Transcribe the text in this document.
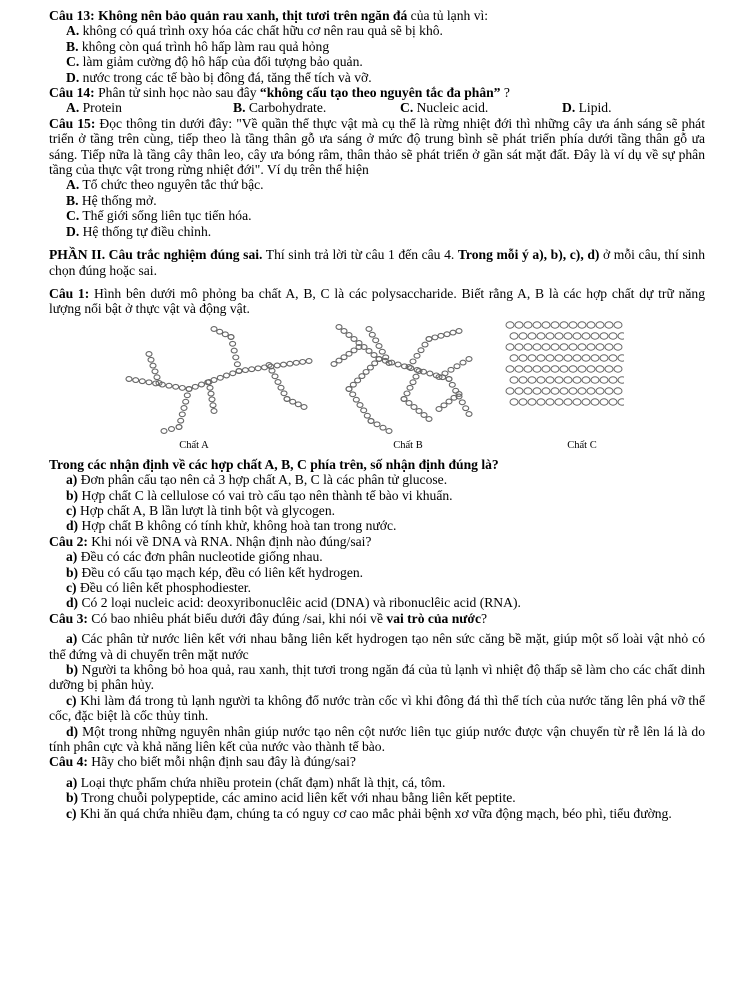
Câu 13: Không nên bảo quản rau xanh, thịt tươi trên ngăn đá của tủ lạnh vì:

A. không có quá trình oxy hóa các chất hữu cơ nên rau quả sẽ bị khô.

B. không còn quá trình hô hấp làm rau quả hỏng

C. làm giảm cường độ hô hấp của đối tượng bảo quản.

D. nước trong các tế bào bị đông đá, tăng thể tích và vỡ.

Câu 14: Phân tử sinh học nào sau đây “không cấu tạo theo nguyên tắc đa phân” ?

A. Protein	B. Carbohydrate.	C. Nucleic acid.	D. Lipid.

Câu 15: Đọc thông tin dưới đây: "Về quần thể thực vật mà cụ thể là rừng nhiệt đới thì những cây ưa ánh sáng sẽ phát triển ở tầng trên cùng, tiếp theo là tầng thân gỗ ưa sáng ở mức độ trung bình sẽ phát triển phía dưới tầng thân gỗ ưa sáng. Tiếp nữa là tầng cây thân leo, cây ưa bóng râm, thân thảo sẽ phát triển ở gần sát mặt đất. Đây là ví dụ về sự phân tầng của thực vật trong rừng nhiệt đới". Ví dụ trên thể hiện

A. Tổ chức theo nguyên tắc thứ bậc.

B. Hệ thống mở.

C. Thế giới sống liên tục tiến hóa.

D. Hệ thống tự điều chỉnh.

PHẦN II. Câu trắc nghiệm đúng sai. Thí sinh trả lời từ câu 1 đến câu 4. Trong mỗi ý a), b), c), d) ở mỗi câu, thí sinh chọn đúng hoặc sai.

Câu 1: Hình bên dưới mô phỏng ba chất A, B, C là các polysaccharide. Biết rằng A, B là các hợp chất dự trữ năng lượng nổi bật ở thực vật và động vật.

Chất A	Chất B	Chất C

Trong các nhận định về các hợp chất A, B, C phía trên, số nhận định đúng là?

a) Đơn phân cấu tạo nên cả 3 hợp chất A, B, C là các phân tử glucose.

b) Hợp chất C là cellulose có vai trò cấu tạo nên thành tế bào vi khuẩn.

c) Hợp chất A, B lần lượt là tinh bột và glycogen.

d) Hợp chất B không có tính khử, không hoà tan trong nước.

Câu 2: Khi nói về DNA và RNA. Nhận định nào đúng/sai?

a) Đều có các đơn phân nucleotide giống nhau.

b) Đều có cấu tạo mạch kép, đều có liên kết hydrogen.

c) Đều có liên kết phosphodiester.

d) Có 2 loại nucleic acid: deoxyribonuclêic acid (DNA) và ribonuclêic acid (RNA).

Câu 3: Có bao nhiêu phát biểu dưới đây đúng /sai, khi nói về vai trò của nước?

a) Các phân tử nước liên kết với nhau bằng liên kết hydrogen tạo nên sức căng bề mặt, giúp một số loài vật nhỏ có thể đứng và di chuyển trên mặt nước

b) Người ta không bỏ hoa quả, rau xanh, thịt tươi trong ngăn đá của tủ lạnh vì nhiệt độ thấp sẽ làm cho các chất dinh dưỡng bị phân hủy.

c) Khi làm đá trong tủ lạnh người ta không đổ nước tràn cốc vì khi đông đá thì thể tích của nước tăng lên phá vỡ thể cốc, đặc biệt là cốc thủy tinh.

d) Một trong những nguyên nhân giúp nước tạo nên cột nước liên tục giúp nước được vận chuyển từ rễ lên lá là do tính phân cực và khả năng liên kết của nước vào thành tế bào.

Câu 4: Hãy cho biết mỗi nhận định sau đây là đúng/sai?

a) Loại thực phẩm chứa nhiều protein (chất đạm) nhất là thịt, cá, tôm.

b) Trong chuỗi polypeptide, các amino acid liên kết với nhau bằng liên kết peptite.

c) Khi ăn quá chứa nhiều đạm, chúng ta có nguy cơ cao mắc phải bệnh xơ vữa động mạch, béo phì, tiểu đường.
